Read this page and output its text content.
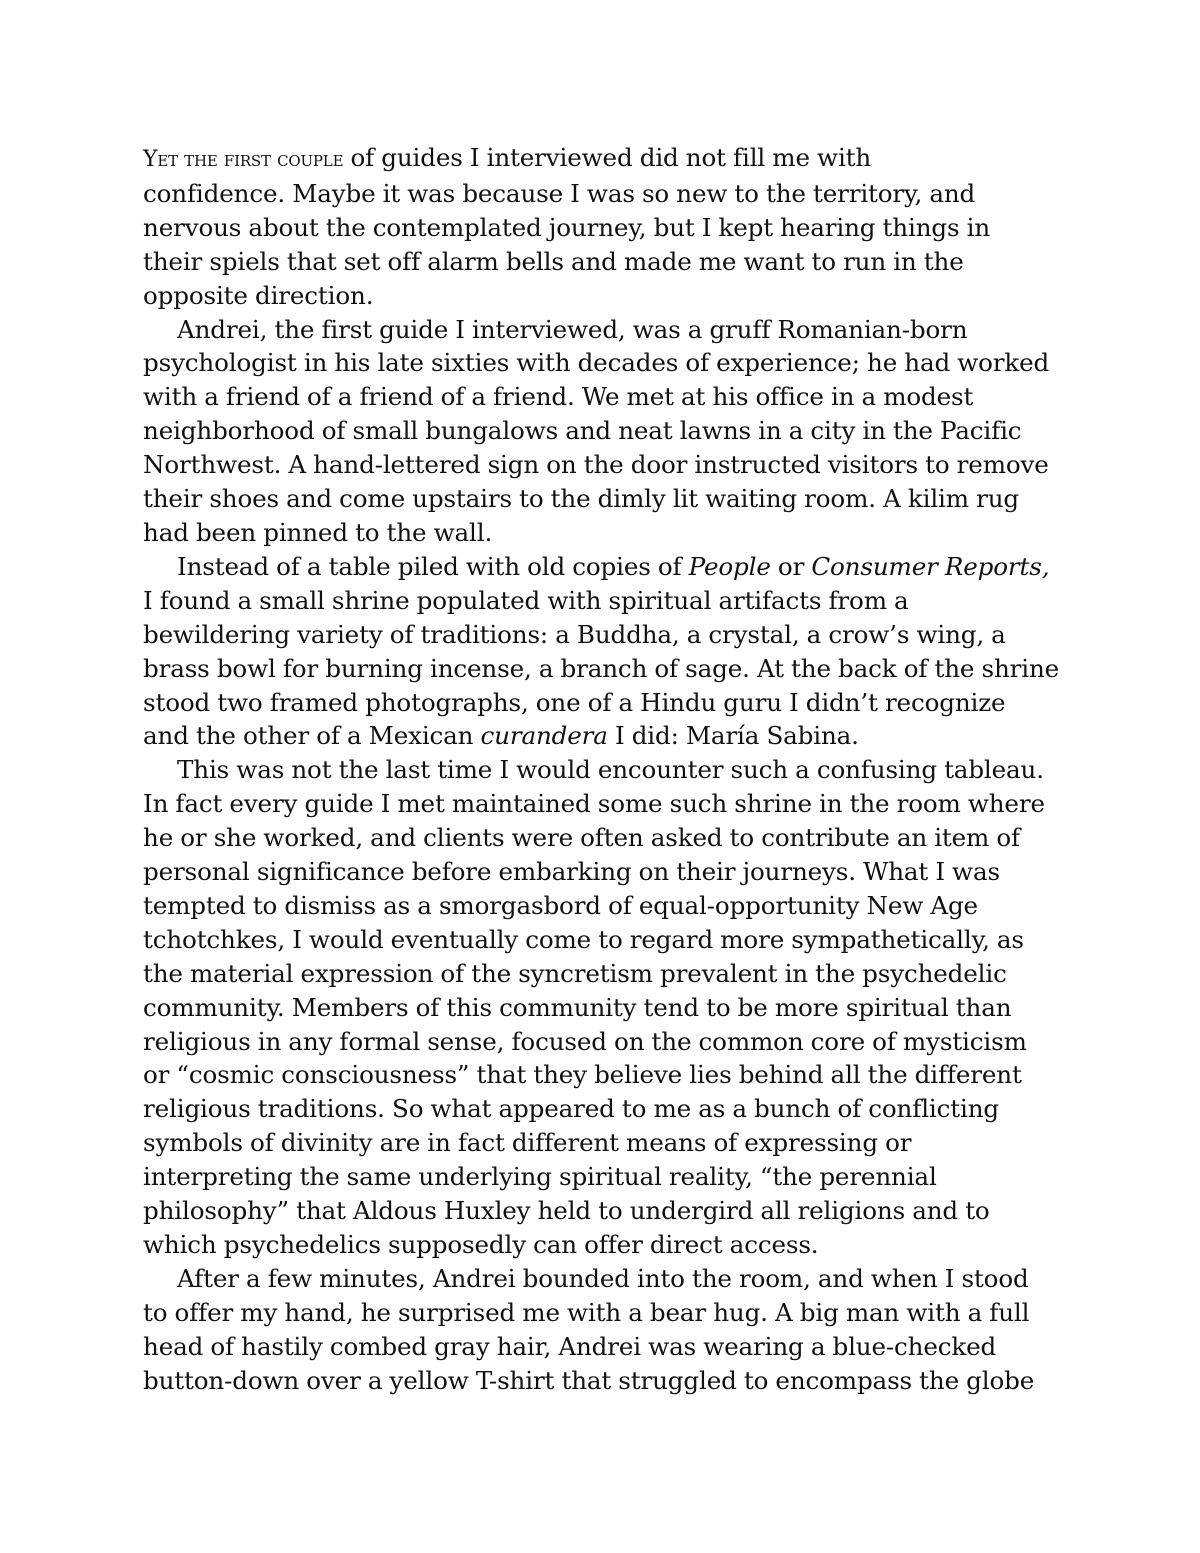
Yet the first couple of guides I interviewed did not fill me with
confidence. Maybe it was because I was so new to the territory, and
nervous about the contemplated journey, but I kept hearing things in
their spiels that set off alarm bells and made me want to run in the
opposite direction.
Andrei, the first guide I interviewed, was a gruff Romanian-born
psychologist in his late sixties with decades of experience; he had worked
with a friend of a friend of a friend. We met at his office in a modest
neighborhood of small bungalows and neat lawns in a city in the Pacific
Northwest. A hand-lettered sign on the door instructed visitors to remove
their shoes and come upstairs to the dimly lit waiting room. A kilim rug
had been pinned to the wall.
Instead of a table piled with old copies of People or Consumer Reports,
I found a small shrine populated with spiritual artifacts from a
bewildering variety of traditions: a Buddha, a crystal, a crow’s wing, a
brass bowl for burning incense, a branch of sage. At the back of the shrine
stood two framed photographs, one of a Hindu guru I didn’t recognize
and the other of a Mexican curandera I did: María Sabina.
This was not the last time I would encounter such a confusing tableau.
In fact every guide I met maintained some such shrine in the room where
he or she worked, and clients were often asked to contribute an item of
personal significance before embarking on their journeys. What I was
tempted to dismiss as a smorgasbord of equal-opportunity New Age
tchotchkes, I would eventually come to regard more sympathetically, as
the material expression of the syncretism prevalent in the psychedelic
community. Members of this community tend to be more spiritual than
religious in any formal sense, focused on the common core of mysticism
or “cosmic consciousness” that they believe lies behind all the different
religious traditions. So what appeared to me as a bunch of conflicting
symbols of divinity are in fact different means of expressing or
interpreting the same underlying spiritual reality, “the perennial
philosophy” that Aldous Huxley held to undergird all religions and to
which psychedelics supposedly can offer direct access.
After a few minutes, Andrei bounded into the room, and when I stood
to offer my hand, he surprised me with a bear hug. A big man with a full
head of hastily combed gray hair, Andrei was wearing a blue-checked
button-down over a yellow T-shirt that struggled to encompass the globe
